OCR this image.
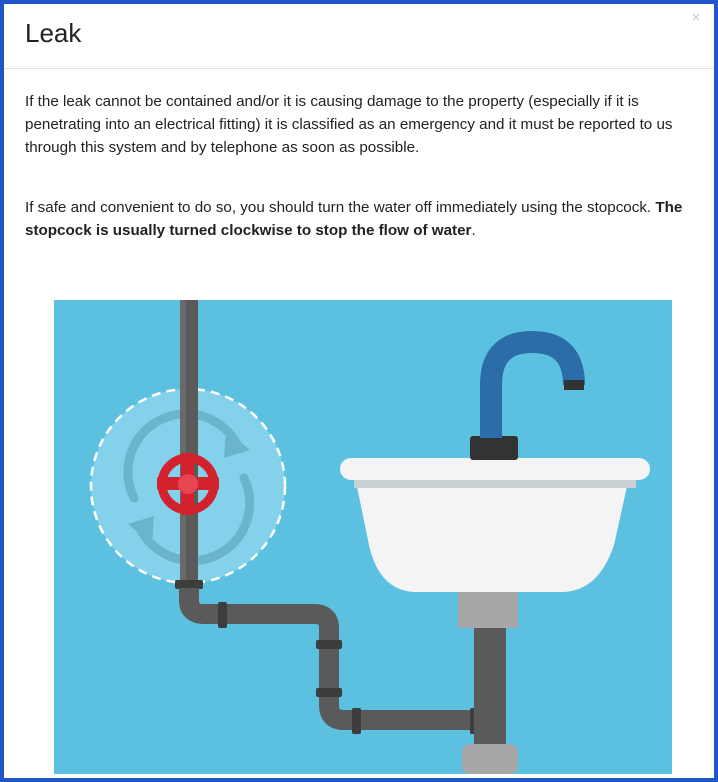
Leak
×

If the leak cannot be contained and/or it is causing damage to the property (especially if it is penetrating into an electrical fitting) it is classified as an emergency and it must be reported to us through this system and by telephone as soon as possible.

If safe and convenient to do so, you should turn the water off immediately using the stopcock. The stopcock is usually turned clockwise to stop the flow of water.
